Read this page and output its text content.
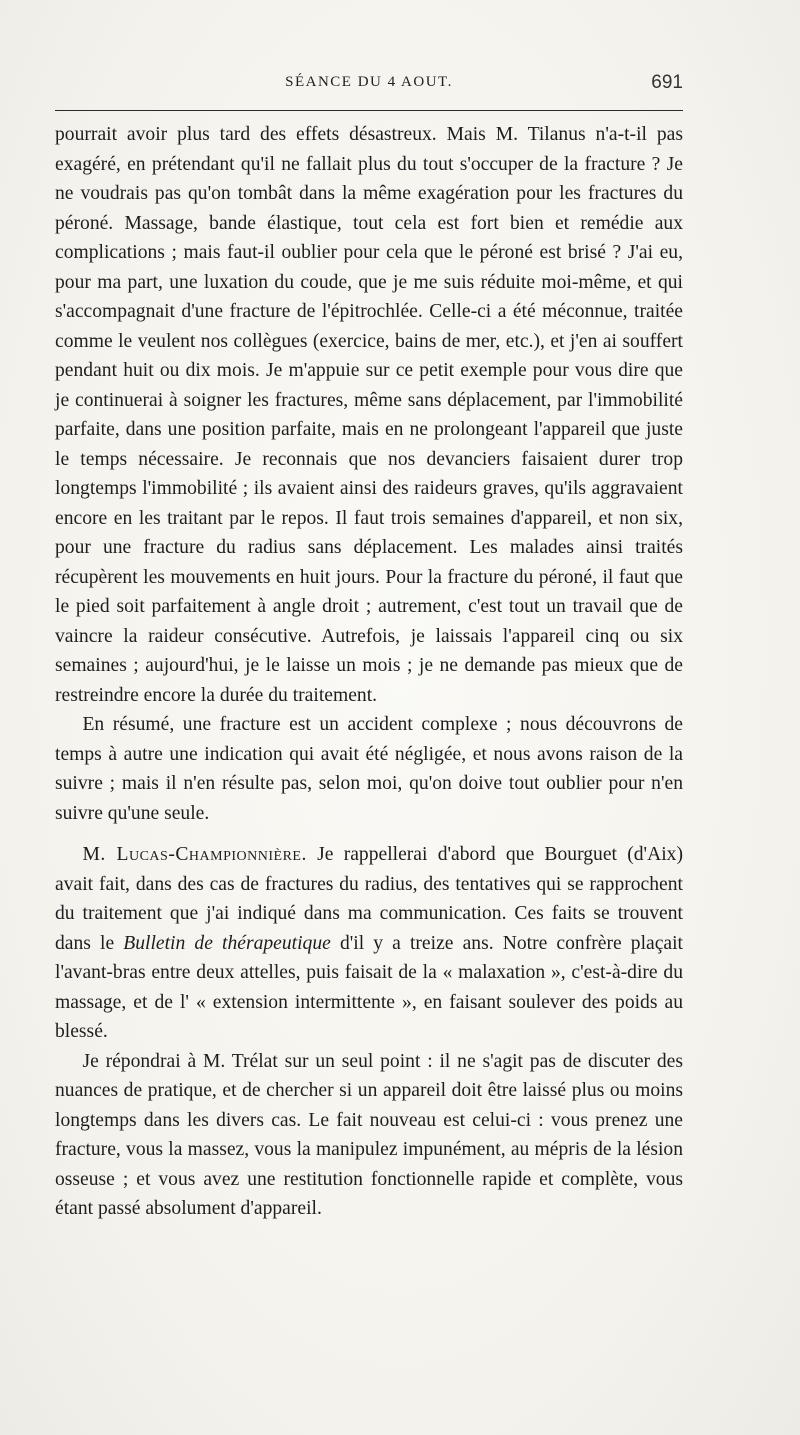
SÉANCE DU 4 AOUT.	691

pourrait avoir plus tard des effets désastreux. Mais M. Tilanus n'a-t-il pas exagéré, en prétendant qu'il ne fallait plus du tout s'occuper de la fracture ? Je ne voudrais pas qu'on tombât dans la même exagération pour les fractures du péroné. Massage, bande élastique, tout cela est fort bien et remédie aux complications ; mais faut-il oublier pour cela que le péroné est brisé ? J'ai eu, pour ma part, une luxation du coude, que je me suis réduite moi-même, et qui s'accompagnait d'une fracture de l'épitrochlée. Celle-ci a été méconnue, traitée comme le veulent nos collègues (exercice, bains de mer, etc.), et j'en ai souffert pendant huit ou dix mois. Je m'appuie sur ce petit exemple pour vous dire que je continuerai à soigner les fractures, même sans déplacement, par l'immobilité parfaite, dans une position parfaite, mais en ne prolongeant l'appareil que juste le temps nécessaire. Je reconnais que nos devanciers faisaient durer trop longtemps l'immobilité ; ils avaient ainsi des raideurs graves, qu'ils aggravaient encore en les traitant par le repos. Il faut trois semaines d'appareil, et non six, pour une fracture du radius sans déplacement. Les malades ainsi traités récupèrent les mouvements en huit jours. Pour la fracture du péroné, il faut que le pied soit parfaitement à angle droit ; autrement, c'est tout un travail que de vaincre la raideur consécutive. Autrefois, je laissais l'appareil cinq ou six semaines ; aujourd'hui, je le laisse un mois ; je ne demande pas mieux que de restreindre encore la durée du traitement.

En résumé, une fracture est un accident complexe ; nous découvrons de temps à autre une indication qui avait été négligée, et nous avons raison de la suivre ; mais il n'en résulte pas, selon moi, qu'on doive tout oublier pour n'en suivre qu'une seule.

M. Lucas-Championnière. Je rappellerai d'abord que Bourguet (d'Aix) avait fait, dans des cas de fractures du radius, des tentatives qui se rapprochent du traitement que j'ai indiqué dans ma communication. Ces faits se trouvent dans le Bulletin de thérapeutique d'il y a treize ans. Notre confrère plaçait l'avant-bras entre deux attelles, puis faisait de la « malaxation », c'est-à-dire du massage, et de l' « extension intermittente », en faisant soulever des poids au blessé.

Je répondrai à M. Trélat sur un seul point : il ne s'agit pas de discuter des nuances de pratique, et de chercher si un appareil doit être laissé plus ou moins longtemps dans les divers cas. Le fait nouveau est celui-ci : vous prenez une fracture, vous la massez, vous la manipulez impunément, au mépris de la lésion osseuse ; et vous avez une restitution fonctionnelle rapide et complète, vous étant passé absolument d'appareil.
